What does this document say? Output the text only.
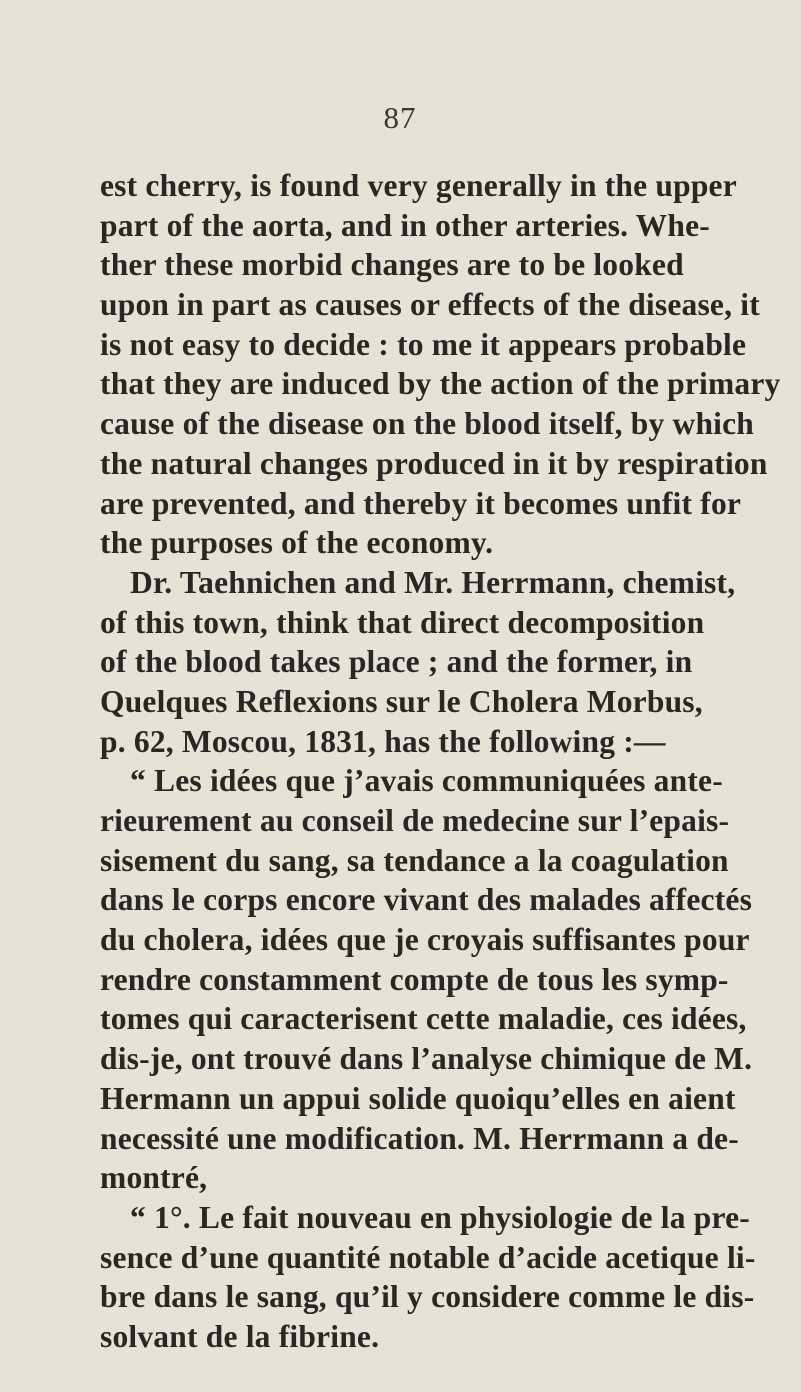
87
est cherry, is found very generally in the upper
part of the aorta, and in other arteries. Whe-
ther these morbid changes are to be looked
upon in part as causes or effects of the disease, it
is not easy to decide : to me it appears probable
that they are induced by the action of the primary
cause of the disease on the blood itself, by which
the natural changes produced in it by respiration
are prevented, and thereby it becomes unfit for
the purposes of the economy.
Dr. Taehnichen and Mr. Herrmann, chemist,
of this town, think that direct decomposition
of the blood takes place ; and the former, in
Quelques Reflexions sur le Cholera Morbus,
p. 62, Moscou, 1831, has the following :—
“ Les idées que j’avais communiquées ante-
rieurement au conseil de medecine sur l’epais-
sisement du sang, sa tendance a la coagulation
dans le corps encore vivant des malades affectés
du cholera, idées que je croyais suffisantes pour
rendre constamment compte de tous les symp-
tomes qui caracterisent cette maladie, ces idées,
dis-je, ont trouvé dans l’analyse chimique de M.
Hermann un appui solide quoiqu’elles en aient
necessité une modification. M. Herrmann a de-
montré,
“ 1°. Le fait nouveau en physiologie de la pre-
sence d’une quantité notable d’acide acetique li-
bre dans le sang, qu’il y considere comme le dis-
solvant de la fibrine.
